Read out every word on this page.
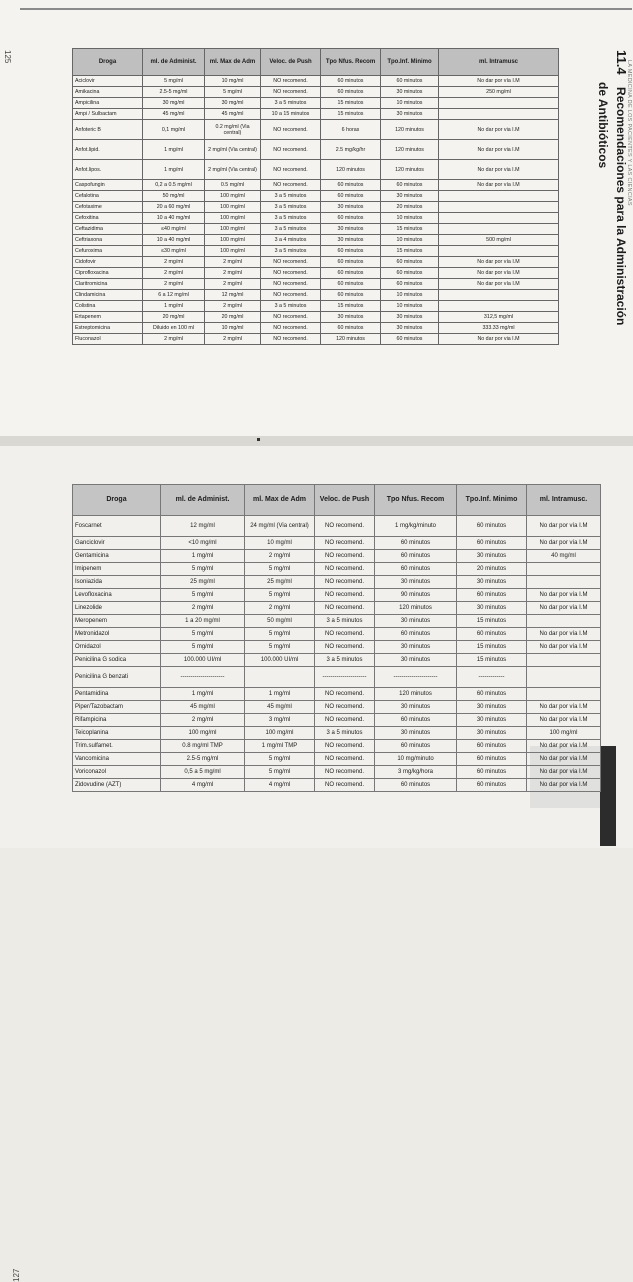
LA MEDICINA DE LOS PACIENTES Y LAS CIENCIAS
125	Droga	ml. de Administ.	ml. Max de Adm	Veloc. de Push	Tpo Nfus. Recom	Tpo.Inf. Minimo	ml. Intramusc
Aciclovir	5 mg/ml	10 mg/ml	NO recomend.	60 minutos	60 minutos	No dar por vía I.M
Amikacina	2.5-5 mg/ml	5 mg/ml	NO recomend.	60 minutos	30 minutos	250 mg/ml
Ampicilina	30 mg/ml	30 mg/ml	3 a 5 minutos	15 minutos	10 minutos	
Ampi / Sulbactam	45 mg/ml	45 mg/ml	10 a 15 minutos	15 minutos	30 minutos	
Anfoteric B	0,1 mg/ml	0.2 mg/ml (Via central)	NO recomend.	6 horas	120 minutos	No dar por via I.M
Anfot.lipid.	1 mg/ml	2 mg/ml (Via central)	NO recomend.	2.5 mg/kg/hr	120 minutos	No dar por via I.M
Anfot.lipos.	1 mg/ml	2 mg/ml (Via central)	NO recomend.	120 minutos	120 minutos	No dar por via I.M
Caspofungin	0,2 a 0.5 mg/ml	0.5 mg/ml	NO recomend.	60 minutos	60 minutos	No dar por vía I.M
Cefalotina	50 mg/ml	100 mg/ml	3 a 5 minutos	60 minutos	30 minutos	
Cefotaxime	20 a 60 mg/ml	100 mg/ml	3 a 5 minutos	30 minutos	20 minutos	
Cefoxitina	10 a 40 mg/ml	100 mg/ml	3 a 5 minutos	60 minutos	10 minutos	
Ceftazidima	≤40 mg/ml	100 mg/ml	3 a 5 minutos	30 minutos	15 minutos	
Ceftriaxona	10 a 40 mg/ml	100 mg/ml	3 a 4 minutos	30 minutos	10 minutos	500 mg/ml
Cefuroxima	≤30 mg/ml	100 mg/ml	3 a 5 minutos	60 minutos	15 minutos	
Cidofovir	2 mg/ml	2 mg/ml	NO recomend.	60 minutos	60 minutos	No dar por vía I.M
Ciprofloxacina	2 mg/ml	2 mg/ml	NO recomend.	60 minutos	60 minutos	No dar por vía I.M
Claritromicina	2 mg/ml	2 mg/ml	NO recomend.	60 minutos	60 minutos	No dar por vía I.M
Clindamicina	6 a 12 mg/ml	12 mg/ml	NO recomend.	60 minutos	10 minutos	
Colistina	1 mg/ml	2 mg/ml	3 a 5 minutos	15 minutos	10 minutos	
Ertapenem	20 mg/ml	20 mg/ml	NO recomend.	30 minutos	30 minutos	312,5 mg/ml
Estreptomicina	Diluido en 100 ml	10 mg/ml	NO recomend.	60 minutos	30 minutos	333.33 mg/ml
Fluconazol	2 mg/ml	2 mg/ml	NO recomend.	120 minutos	60 minutos	No dar por via I.M
11.4 Recomendaciones para la Administración
de Antibióticos
127
Droga	ml. de Administ.	ml. Max de Adm	Veloc. de Push	Tpo Nfus. Recom	Tpo.Inf. Minimo	ml. Intramusc.
Foscarnet	12 mg/ml	24 mg/ml (Via central)	NO recomend.	1 mg/kg/minuto	60 minutos	No dar por vía I.M
Ganciclovir	<10 mg/ml	10 mg/ml	NO recomend.	60 minutos	60 minutos	No dar por vía I.M
Gentamicina	1 mg/ml	2 mg/ml	NO recomend.	60 minutos	30 minutos	40 mg/ml
Imipenem	5 mg/ml	5 mg/ml	NO recomend.	60 minutos	20 minutos	
Isoniazida	25 mg/ml	25 mg/ml	NO recomend.	30 minutos	30 minutos	
Levofloxacina	5 mg/ml	5 mg/ml	NO recomend.	90 minutos	60 minutos	No dar por vía I.M
Linezolide	2 mg/ml	2 mg/ml	NO recomend.	120 minutos	30 minutos	No dar por vía I.M
Meropenem	1 a 20 mg/ml	50 mg/ml	3 a 5 minutos	30 minutos	15 minutos	
Metronidazol	5 mg/ml	5 mg/ml	NO recomend.	60 minutos	60 minutos	No dar por vía I.M
Ornidazol	5 mg/ml	5 mg/ml	NO recomend.	30 minutos	15 minutos	No dar por vía I.M
Penicilina G sodica	100.000 UI/ml	100.000 UI/ml	3 a 5 minutos	30 minutos	15 minutos	
Penicilina G benzati	----------------------		----------------------	----------------------	-------------	
Pentamidina	1 mg/ml	1 mg/ml	NO recomend.	120 minutos	60 minutos	
Piper/Tazobactam	45 mg/ml	45 mg/ml	NO recomend.	30 minutos	30 minutos	No dar por vía I.M
Rifampicina	2 mg/ml	3 mg/ml	NO recomend.	60 minutos	30 minutos	No dar por vía I.M
Teicoplanina	100 mg/ml	100 mg/ml	3 a 5 minutos	30 minutos	30 minutos	100 mg/ml
Trim.sulfamet.	0.8 mg/ml TMP	1 mg/ml TMP	NO recomend.	60 minutos	60 minutos	No dar por via I.M
Vancomicina	2.5-5 mg/ml	5 mg/ml	NO recomend.	10 mg/minuto	60 minutos	No dar por via I.M
Voriconazol	0,5 a 5 mg/ml	5 mg/ml	NO recomend.	3 mg/kg/hora	60 minutos	No dar por via I.M
Zidovudine (AZT)	4 mg/ml	4 mg/ml	NO recomend.	60 minutos	60 minutos	No dar por via I.M
